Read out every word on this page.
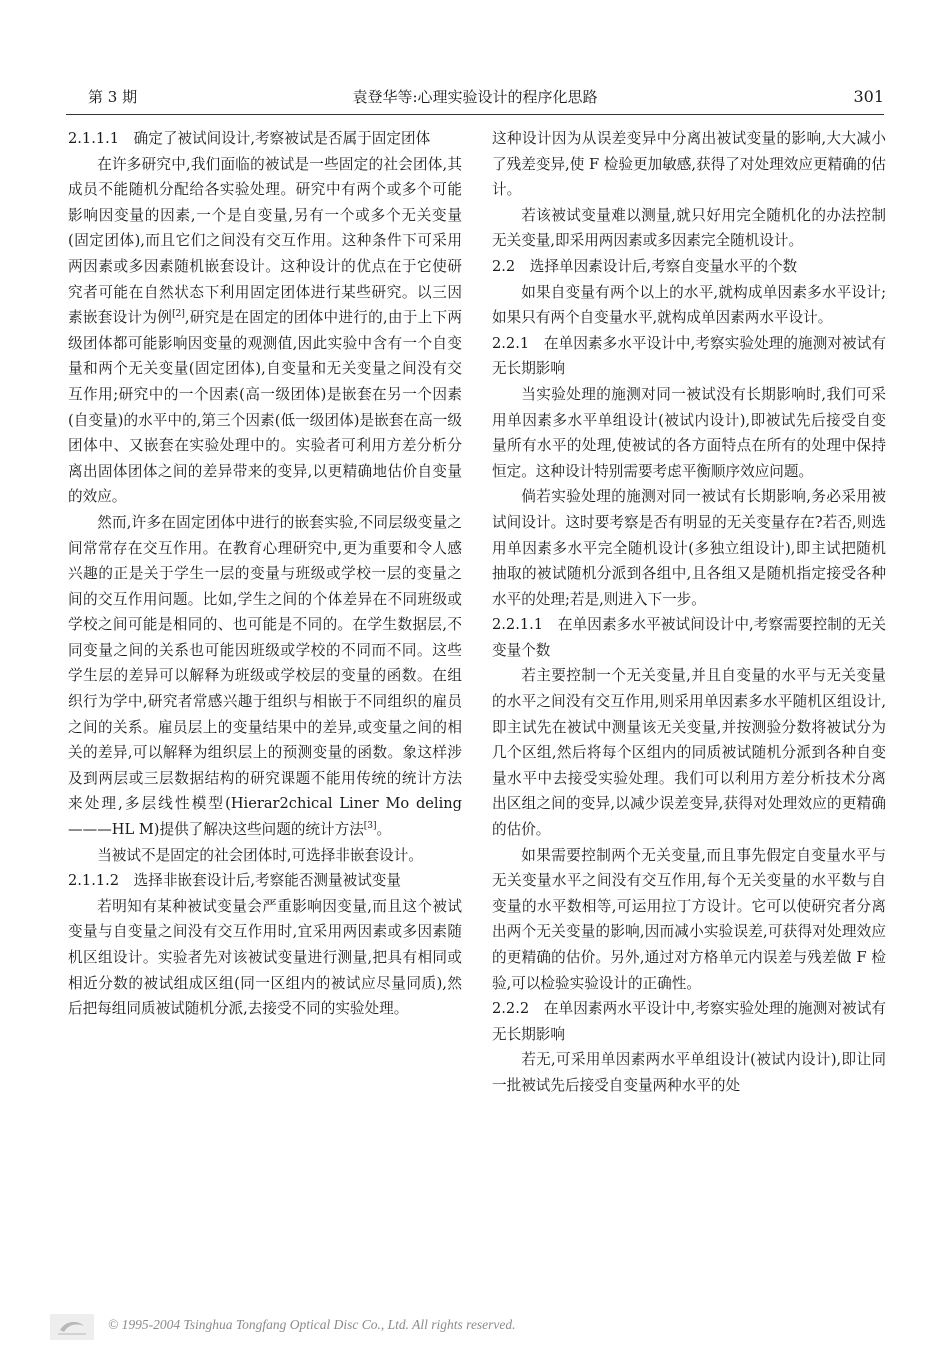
第 3 期	袁登华等:心理实验设计的程序化思路	301

2.1.1.1　确定了被试间设计,考察被试是否属于固定团体

在许多研究中,我们面临的被试是一些固定的社会团体,其成员不能随机分配给各实验处理。研究中有两个或多个可能影响因变量的因素,一个是自变量,另有一个或多个无关变量(固定团体),而且它们之间没有交互作用。这种条件下可采用两因素或多因素随机嵌套设计。这种设计的优点在于它使研究者可能在自然状态下利用固定团体进行某些研究。以三因素嵌套设计为例[2],研究是在固定的团体中进行的,由于上下两级团体都可能影响因变量的观测值,因此实验中含有一个自变量和两个无关变量(固定团体),自变量和无关变量之间没有交互作用;研究中的一个因素(高一级团体)是嵌套在另一个因素(自变量)的水平中的,第三个因素(低一级团体)是嵌套在高一级团体中、又嵌套在实验处理中的。实验者可利用方差分析分离出固体团体之间的差异带来的变异,以更精确地估价自变量的效应。

然而,许多在固定团体中进行的嵌套实验,不同层级变量之间常常存在交互作用。在教育心理研究中,更为重要和令人感兴趣的正是关于学生一层的变量与班级或学校一层的变量之间的交互作用问题。比如,学生之间的个体差异在不同班级或学校之间可能是相同的、也可能是不同的。在学生数据层,不同变量之间的关系也可能因班级或学校的不同而不同。这些学生层的差异可以解释为班级或学校层的变量的函数。在组织行为学中,研究者常感兴趣于组织与相嵌于不同组织的雇员之间的关系。雇员层上的变量结果中的差异,或变量之间的相关的差异,可以解释为组织层上的预测变量的函数。象这样涉及到两层或三层数据结构的研究课题不能用传统的统计方法来处理,多层线性模型(Hierar2chical Liner Mo deling ———HL M)提供了解决这些问题的统计方法[3]。

当被试不是固定的社会团体时,可选择非嵌套设计。

2.1.1.2　选择非嵌套设计后,考察能否测量被试变量

若明知有某种被试变量会严重影响因变量,而且这个被试变量与自变量之间没有交互作用时,宜采用两因素或多因素随机区组设计。实验者先对该被试变量进行测量,把具有相同或相近分数的被试组成区组(同一区组内的被试应尽量同质),然后把每组同质被试随机分派,去接受不同的实验处理。

这种设计因为从误差变异中分离出被试变量的影响,大大减小了残差变异,使 F 检验更加敏感,获得了对处理效应更精确的估计。

若该被试变量难以测量,就只好用完全随机化的办法控制无关变量,即采用两因素或多因素完全随机设计。

2.2　选择单因素设计后,考察自变量水平的个数

如果自变量有两个以上的水平,就构成单因素多水平设计;如果只有两个自变量水平,就构成单因素两水平设计。

2.2.1　在单因素多水平设计中,考察实验处理的施测对被试有无长期影响

当实验处理的施测对同一被试没有长期影响时,我们可采用单因素多水平单组设计(被试内设计),即被试先后接受自变量所有水平的处理,使被试的各方面特点在所有的处理中保持恒定。这种设计特别需要考虑平衡顺序效应问题。

倘若实验处理的施测对同一被试有长期影响,务必采用被试间设计。这时要考察是否有明显的无关变量存在?若否,则选用单因素多水平完全随机设计(多独立组设计),即主试把随机抽取的被试随机分派到各组中,且各组又是随机指定接受各种水平的处理;若是,则进入下一步。

2.2.1.1　在单因素多水平被试间设计中,考察需要控制的无关变量个数

若主要控制一个无关变量,并且自变量的水平与无关变量的水平之间没有交互作用,则采用单因素多水平随机区组设计,即主试先在被试中测量该无关变量,并按测验分数将被试分为几个区组,然后将每个区组内的同质被试随机分派到各种自变量水平中去接受实验处理。我们可以利用方差分析技术分离出区组之间的变异,以减少误差变异,获得对处理效应的更精确的估价。

如果需要控制两个无关变量,而且事先假定自变量水平与无关变量水平之间没有交互作用,每个无关变量的水平数与自变量的水平数相等,可运用拉丁方设计。它可以使研究者分离出两个无关变量的影响,因而减小实验误差,可获得对处理效应的更精确的估价。另外,通过对方格单元内误差与残差做 F 检验,可以检验实验设计的正确性。

2.2.2　在单因素两水平设计中,考察实验处理的施测对被试有无长期影响

若无,可采用单因素两水平单组设计(被试内设计),即让同一批被试先后接受自变量两种水平的处

© 1995-2004 Tsinghua Tongfang Optical Disc Co., Ltd. All rights reserved.
